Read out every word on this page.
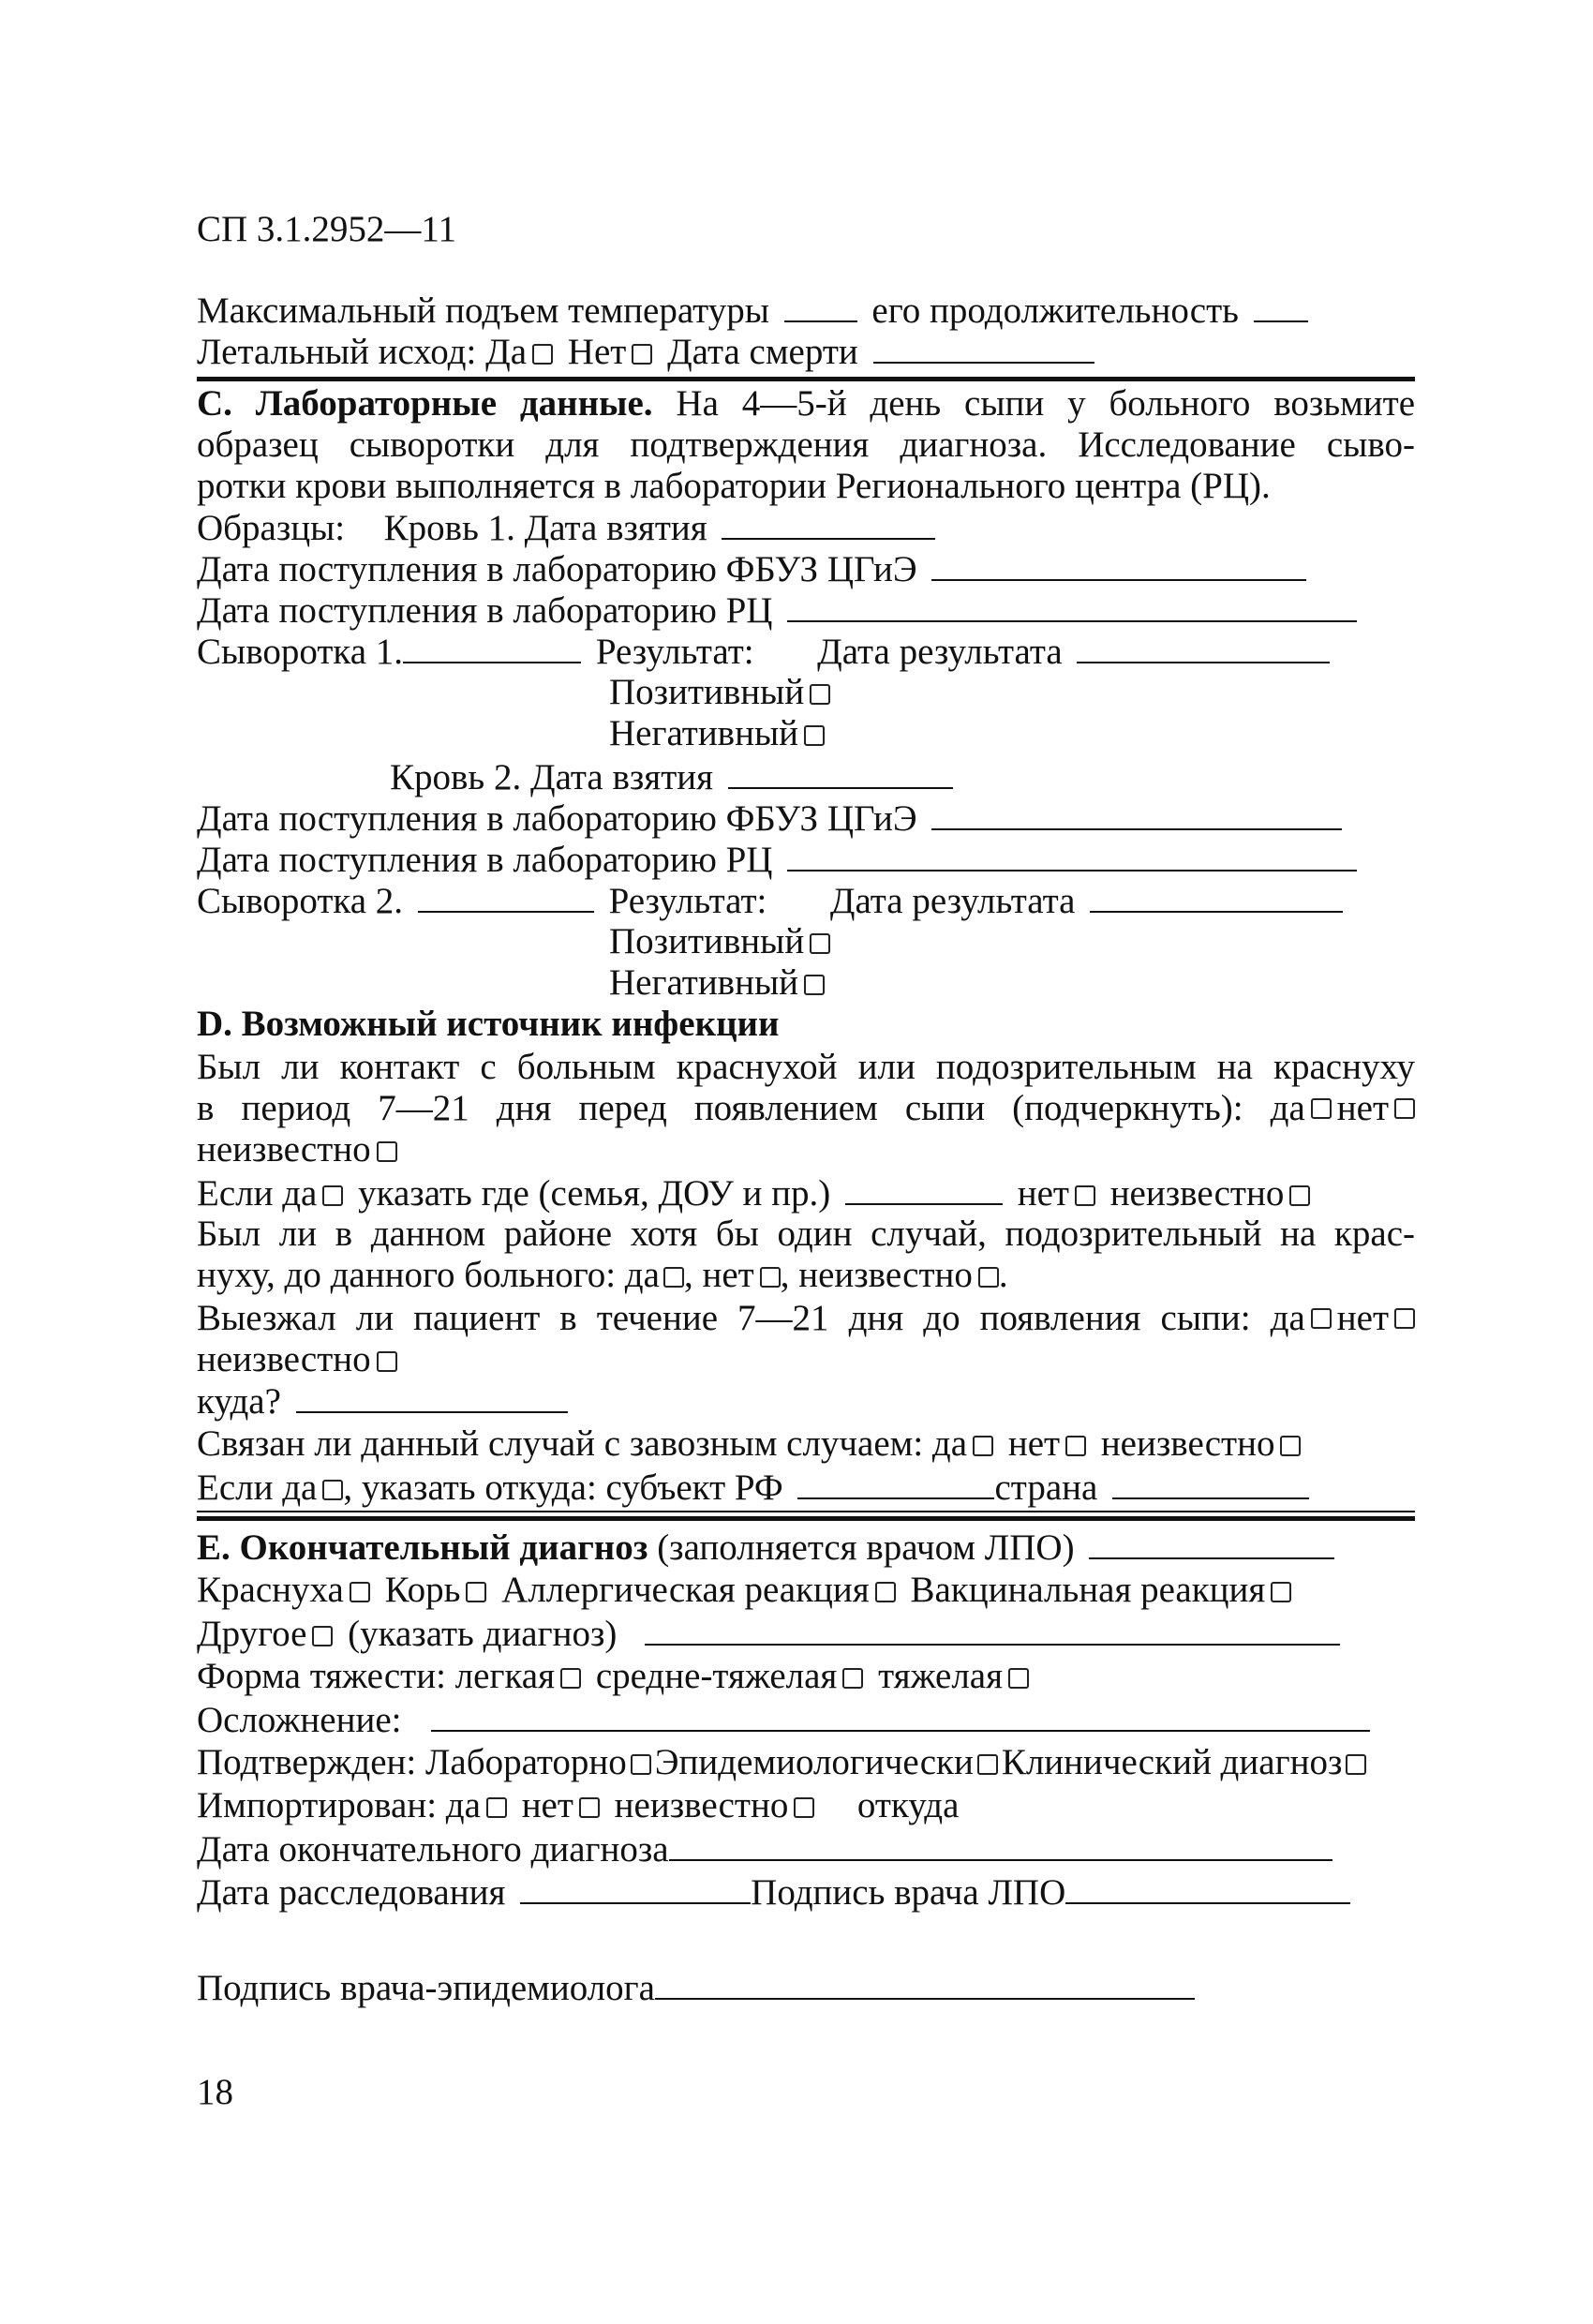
СП 3.1.2952—11
Максимальный подъем температуры	его продолжительность
Летальный исход: Да Нет Дата смерти
C. Лабораторные данные. На 4—5-й день сыпи у больного возьмите
образец сыворотки для подтверждения диагноза. Исследование сыво-
ротки крови выполняется в лаборатории Регионального центра (РЦ).
Образцы: Кровь 1. Дата взятия
Дата поступления в лабораторию ФБУЗ ЦГиЭ
Дата поступления в лабораторию РЦ
Сыворотка 1.	Результат: Дата результата
Позитивный
Негативный
Кровь 2. Дата взятия
Дата поступления в лабораторию ФБУЗ ЦГиЭ
Дата поступления в лабораторию РЦ
Сыворотка 2.	Результат: Дата результата
Позитивный
Негативный
D. Возможный источник инфекции
Был ли контакт с больным краснухой или подозрительным на краснуху
в период 7—21 дня перед появлением сыпи (подчеркнуть): да нет
неизвестно
Если да указать где (семья, ДОУ и пр.)	нет неизвестно
Был ли в данном районе хотя бы один случай, подозрительный на крас-
нуху, до данного больного: да , нет , неизвестно .
Выезжал ли пациент в течение 7—21 дня до появления сыпи: да нет
неизвестно
куда?
Связан ли данный случай с завозным случаем: да нет неизвестно
Если да , указать откуда: субъект РФ	страна
E. Окончательный диагноз (заполняется врачом ЛПО)
Краснуха Корь Аллергическая реакция Вакцинальная реакция
Другое (указать диагноз)
Форма тяжести: легкая средне-тяжелая тяжелая
Осложнение:
Подтвержден: Лабораторно Эпидемиологически Клинический диагноз
Импортирован: да нет неизвестно откуда
Дата окончательного диагноза
Дата расследования	Подпись врача ЛПО
Подпись врача-эпидемиолога
18
